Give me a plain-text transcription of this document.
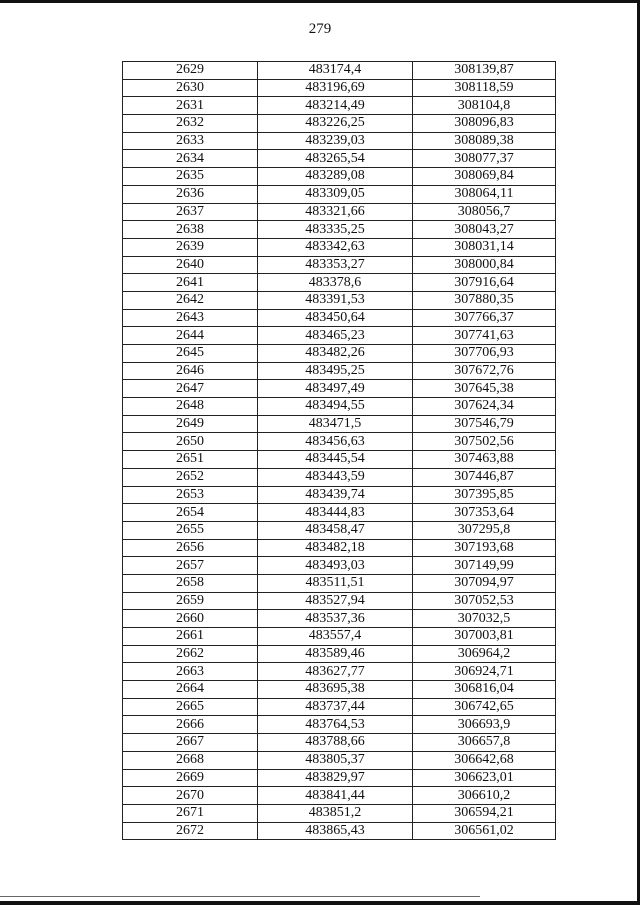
279
2629	483174,4	308139,87
2630	483196,69	308118,59
2631	483214,49	308104,8
2632	483226,25	308096,83
2633	483239,03	308089,38
2634	483265,54	308077,37
2635	483289,08	308069,84
2636	483309,05	308064,11
2637	483321,66	308056,7
2638	483335,25	308043,27
2639	483342,63	308031,14
2640	483353,27	308000,84
2641	483378,6	307916,64
2642	483391,53	307880,35
2643	483450,64	307766,37
2644	483465,23	307741,63
2645	483482,26	307706,93
2646	483495,25	307672,76
2647	483497,49	307645,38
2648	483494,55	307624,34
2649	483471,5	307546,79
2650	483456,63	307502,56
2651	483445,54	307463,88
2652	483443,59	307446,87
2653	483439,74	307395,85
2654	483444,83	307353,64
2655	483458,47	307295,8
2656	483482,18	307193,68
2657	483493,03	307149,99
2658	483511,51	307094,97
2659	483527,94	307052,53
2660	483537,36	307032,5
2661	483557,4	307003,81
2662	483589,46	306964,2
2663	483627,77	306924,71
2664	483695,38	306816,04
2665	483737,44	306742,65
2666	483764,53	306693,9
2667	483788,66	306657,8
2668	483805,37	306642,68
2669	483829,97	306623,01
2670	483841,44	306610,2
2671	483851,2	306594,21
2672	483865,43	306561,02
